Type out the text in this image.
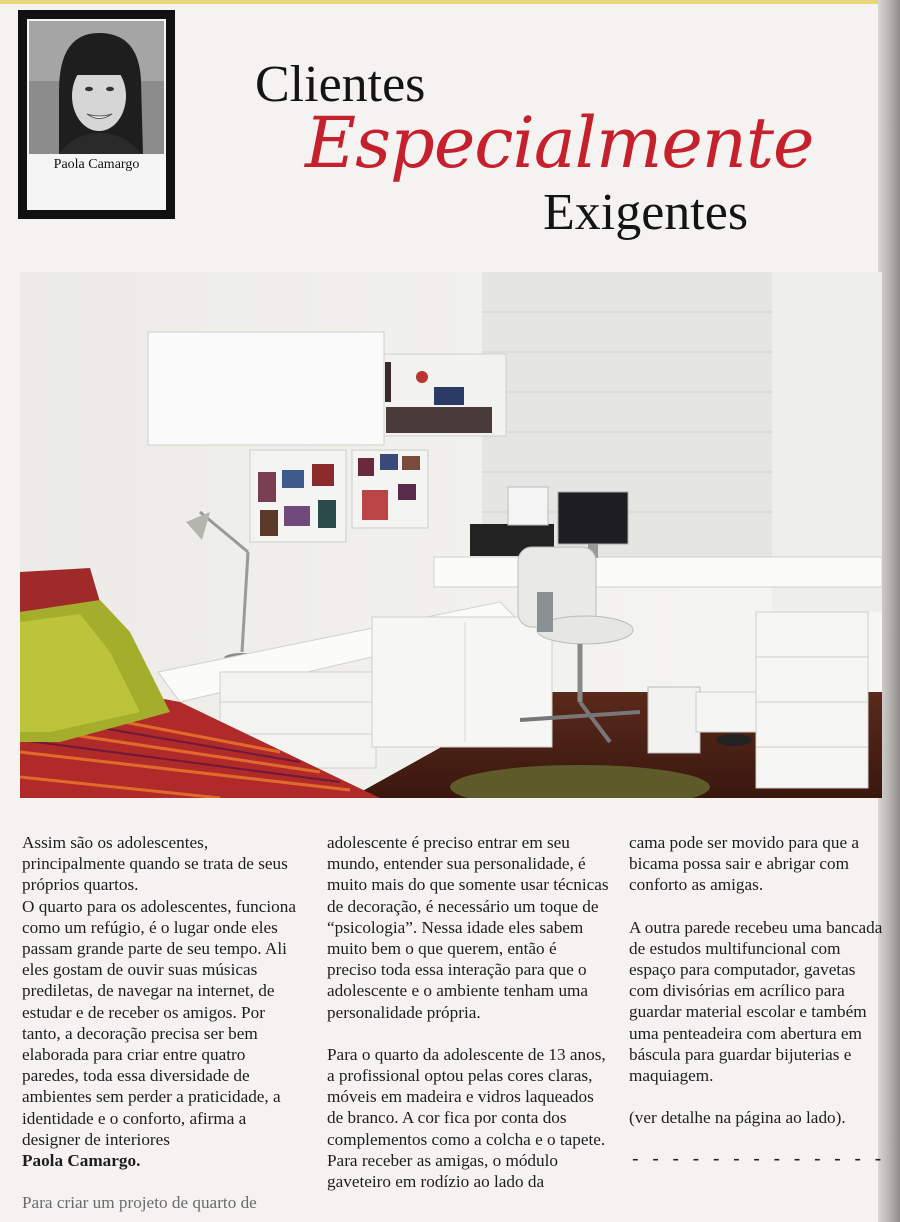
Paola Camargo
Clientes
Especialmente
Exigentes

Assim são os adolescentes, principalmente quando se trata de seus próprios quartos.

O quarto para os adolescentes, funciona como um refúgio, é o lugar onde eles passam grande parte de seu tempo. Ali eles gostam de ouvir suas músicas prediletas, de navegar na internet, de estudar e de receber os amigos. Por tanto, a decoração precisa ser bem elaborada para criar entre quatro paredes, toda essa diversidade de ambientes sem perder a praticidade, a identidade e o conforto, afirma a designer de interiores

Paola Camargo.

Para criar um projeto de quarto de

adolescente é preciso entrar em seu mundo, entender sua personalidade, é muito mais do que somente usar técnicas de decoração, é necessário um toque de “psicologia”. Nessa idade eles sabem muito bem o que querem, então é preciso toda essa interação para que o adolescente e o ambiente tenham uma personalidade própria.

Para o quarto da adolescente de 13 anos, a profissional optou pelas cores claras, móveis em madeira e vidros laqueados de branco. A cor fica por conta dos complementos como a colcha e o tapete. Para receber as amigas, o módulo gaveteiro em rodízio ao lado da

cama pode ser movido para que a bicama possa sair e abrigar com conforto as amigas.

A outra parede recebeu uma bancada de estudos multifuncional com espaço para computador, gavetas com divisórias em acrílico para guardar material escolar e também uma penteadeira com abertura em báscula para guardar bijuterias e maquiagem.

(ver detalhe na página ao lado).

- - - - - - - - - - - - -
